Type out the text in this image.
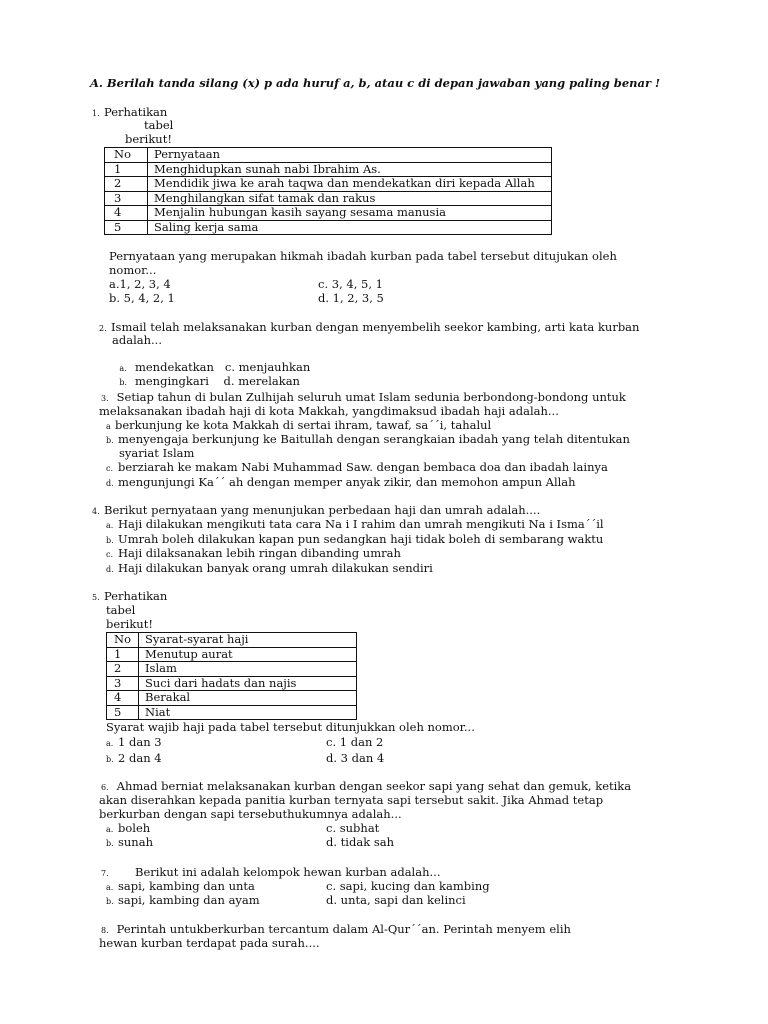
A. Berilah tanda silang (x) p ada huruf a, b, atau c di depan jawaban yang paling benar !
1. Perhatikan
tabel
berikut!
No	Pernyataan
1	Menghidupkan sunah nabi Ibrahim As.
2	Mendidik jiwa ke arah taqwa dan mendekatkan diri kepada Allah
3	Menghilangkan sifat tamak dan rakus
4	Menjalin hubungan kasih sayang sesama manusia
5	Saling kerja sama
Pernyataan yang merupakan hikmah ibadah kurban pada tabel tersebut ditujukan oleh
nomor...
a.1, 2, 3, 4	c. 3, 4, 5, 1
b. 5, 4, 2, 1	d. 1, 2, 3, 5
2. Ismail telah melaksanakan kurban dengan menyembelih seekor kambing, arti kata kurban
adalah...

a. mendekatkan   c. menjauhkan

b. mengingkari    d. merelakan

3. Setiap tahun di bulan Zulhijah seluruh umat Islam sedunia berbondong-bondong untuk
melaksanakan ibadah haji di kota Makkah, yangdimaksud ibadah haji adalah...
a berkunjung ke kota Makkah di sertai ihram, tawaf, sa´´i, tahalul
b. menyengaja berkunjung ke Baitullah dengan serangkaian ibadah yang telah ditentukan
syariat Islam
c. berziarah ke makam Nabi Muhammad Saw. dengan bembaca doa dan ibadah lainya
d. mengunjungi Ka´´ ah dengan memper anyak zikir, dan memohon ampun Allah
4. Berikut pernyataan yang menunjukan perbedaan haji dan umrah adalah....
a. Haji dilakukan mengikuti tata cara Na i I rahim dan umrah mengikuti Na i Isma´´il
b. Umrah boleh dilakukan kapan pun sedangkan haji tidak boleh di sembarang waktu
c. Haji dilaksanakan lebih ringan dibanding umrah
d. Haji dilakukan banyak orang umrah dilakukan sendiri
5. Perhatikan
tabel
berikut!
No	Syarat-syarat haji
1	Menutup aurat
2	Islam
3	Suci dari hadats dan najis
4	Berakal
5	Niat
Syarat wajib haji pada tabel tersebut ditunjukkan oleh nomor...
a. 1 dan 3	c. 1 dan 2
b. 2 dan 4	d. 3 dan 4
6. Ahmad berniat melaksanakan kurban dengan seekor sapi yang sehat dan gemuk, ketika
akan diserahkan kepada panitia kurban ternyata sapi tersebut sakit. Jika Ahmad tetap
berkurban dengan sapi tersebuthukumnya adalah...
a. boleh	c. subhat
b. sunah	d. tidak sah
7. Berikut ini adalah kelompok hewan kurban adalah...
a. sapi, kambing dan unta	c. sapi, kucing dan kambing
b. sapi, kambing dan ayam	d. unta, sapi dan kelinci
8. Perintah untukberkurban tercantum dalam Al-Qur´´an. Perintah menyem elih
hewan kurban terdapat pada surah....
